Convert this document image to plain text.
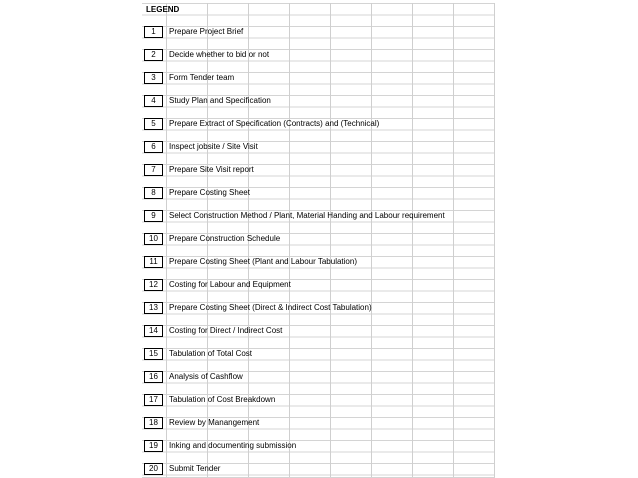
LEGEND
1	Prepare Project Brief
2	Decide whether to bid or not
3	Form Tender team
4	Study Plan and Specification
5	Prepare Extract of Specification (Contracts) and (Technical)
6	Inspect jobsite / Site Visit
7	Prepare Site Visit report
8	Prepare Costing Sheet
9	Select Construction Method / Plant, Material Handing and Labour requirement
10	Prepare Construction Schedule
11	Prepare Costing Sheet (Plant and Labour Tabulation)
12	Costing for Labour and Equipment
13	Prepare Costing Sheet (Direct & Indirect Cost Tabulation)
14	Costing for Direct / Indirect Cost
15	Tabulation of Total Cost
16	Analysis of Cashflow
17	Tabulation of Cost Breakdown
18	Review by Manangement
19	Inking and documenting submission
20	Submit Tender
